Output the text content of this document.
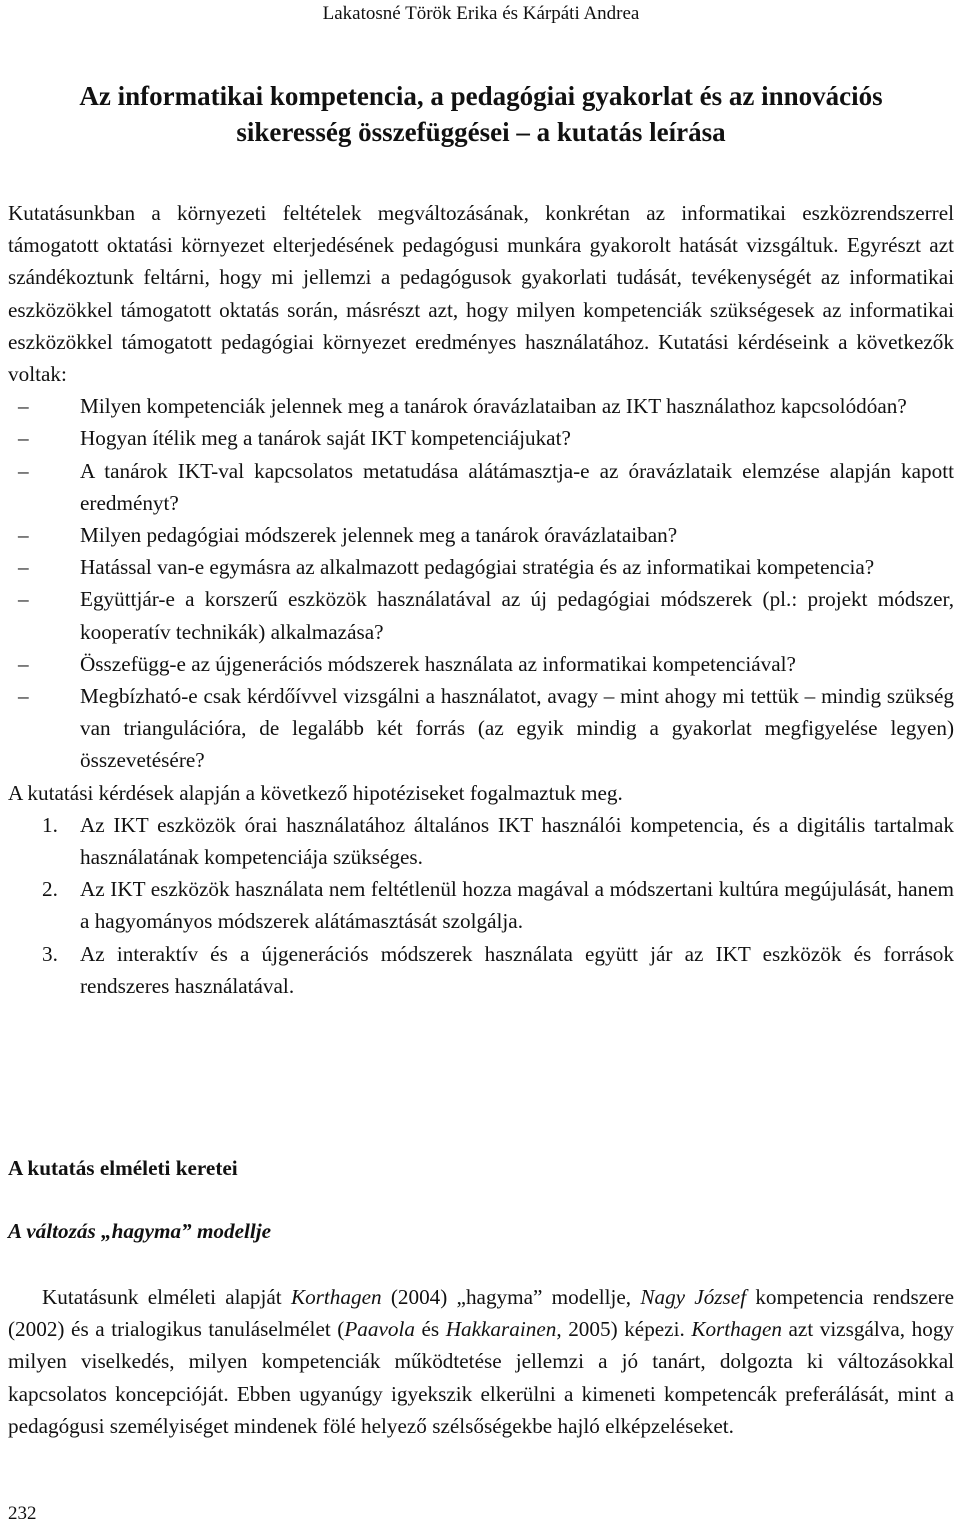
Lakatosné Török Erika és Kárpáti Andrea
Az informatikai kompetencia, a pedagógiai gyakorlat és az innovációs
sikeresség összefüggései – a kutatás leírása

Kutatásunkban a környezeti feltételek megváltozásának, konkrétan az informatikai eszközrendszerrel támogatott oktatási környezet elterjedésének pedagógusi munkára gyakorolt hatását vizsgáltuk. Egyrészt azt szándékoztunk feltárni, hogy mi jellemzi a pedagógusok gyakorlati tudását, tevékenységét az informatikai eszközökkel támogatott oktatás során, másrészt azt, hogy milyen kompetenciák szükségesek az informatikai eszközökkel támogatott pedagógiai környezet eredményes használatához. Kutatási kérdéseink a következők voltak:

– Milyen kompetenciák jelennek meg a tanárok óravázlataiban az IKT használathoz kapcsolódóan?
– Hogyan ítélik meg a tanárok saját IKT kompetenciájukat?
– A tanárok IKT-val kapcsolatos metatudása alátámasztja-e az óravázlataik elemzése alapján kapott eredményt?
– Milyen pedagógiai módszerek jelennek meg a tanárok óravázlataiban?
– Hatással van-e egymásra az alkalmazott pedagógiai stratégia és az informatikai kompetencia?
– Együttjár-e a korszerű eszközök használatával az új pedagógiai módszerek (pl.: projekt módszer, kooperatív technikák) alkalmazása?
– Összefügg-e az újgenerációs módszerek használata az informatikai kompetenciával?
– Megbízható-e csak kérdőívvel vizsgálni a használatot, avagy – mint ahogy mi tettük – mindig szükség van triangulációra, de legalább két forrás (az egyik mindig a gyakorlat megfigyelése legyen) összevetésére?

A kutatási kérdések alapján a következő hipotéziseket fogalmaztuk meg.

1. Az IKT eszközök órai használatához általános IKT használói kompetencia, és a digitális tartalmak használatának kompetenciája szükséges.
2. Az IKT eszközök használata nem feltétlenül hozza magával a módszertani kultúra megújulását, hanem a hagyományos módszerek alátámasztását szolgálja.
3. Az interaktív és a újgenerációs módszerek használata együtt jár az IKT eszközök és források rendszeres használatával.
A kutatás elméleti keretei
A változás „hagyma” modellje

Kutatásunk elméleti alapját Korthagen (2004) „hagyma” modellje, Nagy József kompetencia rendszere (2002) és a trialogikus tanuláselmélet (Paavola és Hakkarainen, 2005) képezi. Korthagen azt vizsgálva, hogy milyen viselkedés, milyen kompetenciák működtetése jellemzi a jó tanárt, dolgozta ki változásokkal kapcsolatos koncepcióját. Ebben ugyanúgy igyekszik elkerülni a kimeneti kompetencák preferálását, mint a pedagógusi személyiséget mindenek fölé helyező szélsőségekbe hajló elképzeléseket.

232
